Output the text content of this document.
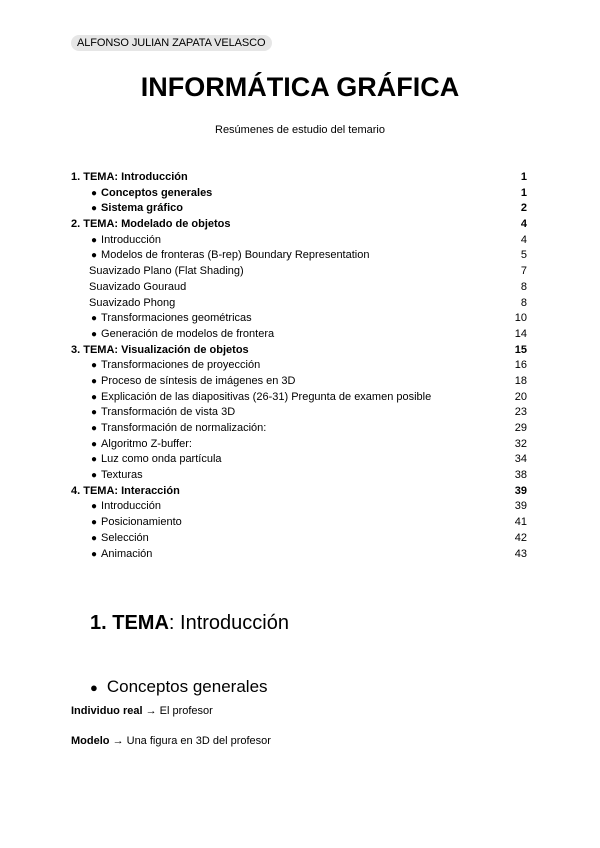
ALFONSO JULIAN ZAPATA VELASCO
INFORMÁTICA GRÁFICA
Resúmenes de estudio del temario
1. TEMA: Introducción	1
● Conceptos generales	1
● Sistema gráfico	2
2. TEMA: Modelado de objetos	4
● Introducción	4
● Modelos de fronteras (B-rep) Boundary Representation	5
Suavizado Plano (Flat Shading)	7
Suavizado Gouraud	8
Suavizado Phong	8
● Transformaciones geométricas	10
● Generación de modelos de frontera	14
3. TEMA: Visualización de objetos	15
● Transformaciones de proyección	16
● Proceso de síntesis de imágenes en 3D	18
● Explicación de las diapositivas (26-31) Pregunta de examen posible	20
● Transformación de vista 3D	23
● Transformación de normalización:	29
● Algoritmo Z-buffer:	32
● Luz como onda partícula	34
● Texturas	38
4. TEMA: Interacción	39
● Introducción	39
● Posicionamiento	41
● Selección	42
● Animación	43
1. TEMA: Introducción
● Conceptos generales
Individuo real → El profesor
Modelo → Una figura en 3D del profesor
